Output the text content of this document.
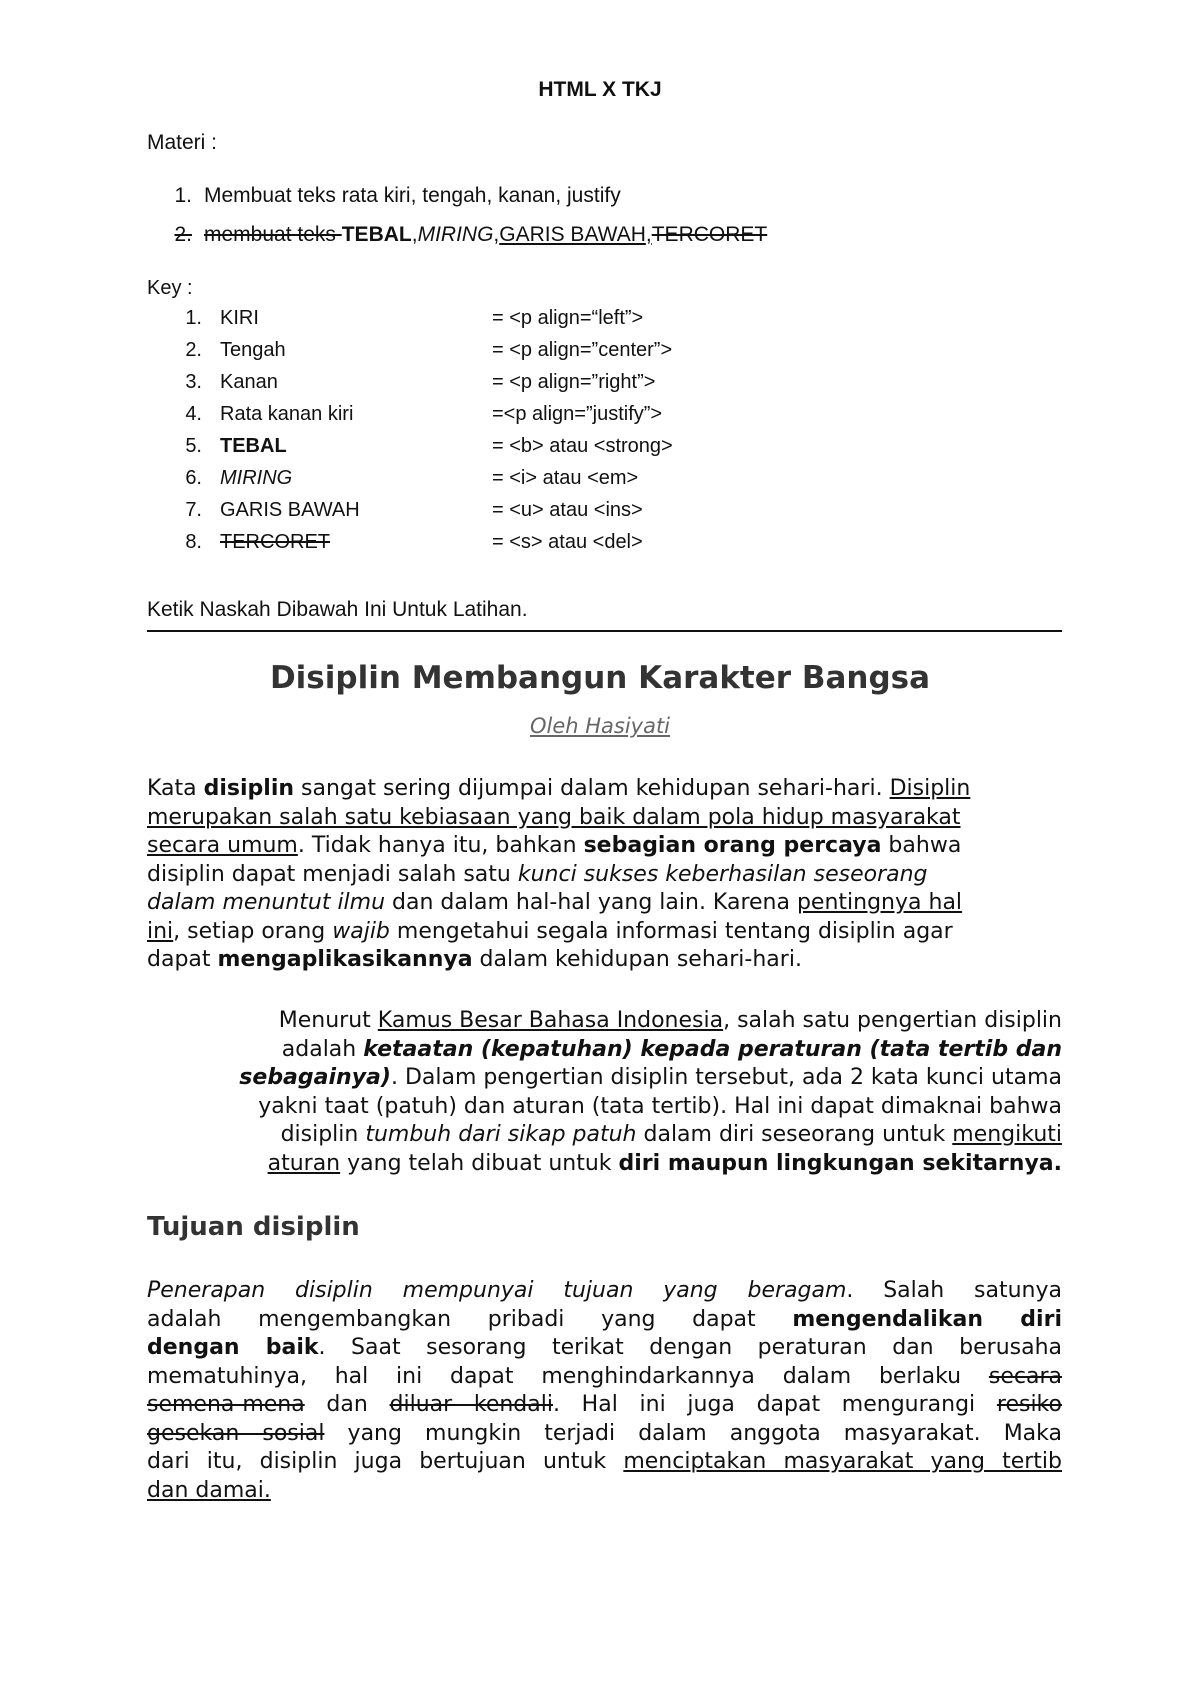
HTML X TKJ
Materi :
1. Membuat teks rata kiri, tengah, kanan, justify
2. membuat teks TEBAL,MIRING,GARIS BAWAH,TERCORET
Key :
1. KIRI	= <p align=“left”>
2. Tengah	= <p align=”center”>
3. Kanan	= <p align=”right”>
4. Rata kanan kiri	=<p align=”justify”>
5. TEBAL	= <b> atau <strong>
6. MIRING	= <i> atau <em>
7. GARIS BAWAH	= <u> atau <ins>
8. TERCORET	= <s> atau <del>
Ketik Naskah Dibawah Ini Untuk Latihan.
Disiplin Membangun Karakter Bangsa
Oleh Hasiyati
Kata disiplin sangat sering dijumpai dalam kehidupan sehari-hari. Disiplin
merupakan salah satu kebiasaan yang baik dalam pola hidup masyarakat
secara umum. Tidak hanya itu, bahkan sebagian orang percaya bahwa
disiplin dapat menjadi salah satu kunci sukses keberhasilan seseorang
dalam menuntut ilmu dan dalam hal-hal yang lain. Karena pentingnya hal
ini, setiap orang wajib mengetahui segala informasi tentang disiplin agar
dapat mengaplikasikannya dalam kehidupan sehari-hari.
Menurut Kamus Besar Bahasa Indonesia, salah satu pengertian disiplin
adalah ketaatan (kepatuhan) kepada peraturan (tata tertib dan
sebagainya). Dalam pengertian disiplin tersebut, ada 2 kata kunci utama
yakni taat (patuh) dan aturan (tata tertib). Hal ini dapat dimaknai bahwa
disiplin tumbuh dari sikap patuh dalam diri seseorang untuk mengikuti
aturan yang telah dibuat untuk diri maupun lingkungan sekitarnya.
Tujuan disiplin
Penerapan disiplin mempunyai tujuan yang beragam. Salah satunya
adalah mengembangkan pribadi yang dapat mengendalikan diri
dengan baik. Saat sesorang terikat dengan peraturan dan berusaha
mematuhinya, hal ini dapat menghindarkannya dalam berlaku secara
semena-mena dan diluar kendali. Hal ini juga dapat mengurangi resiko
gesekan sosial yang mungkin terjadi dalam anggota masyarakat. Maka
dari itu, disiplin juga bertujuan untuk menciptakan masyarakat yang tertib
dan damai.
